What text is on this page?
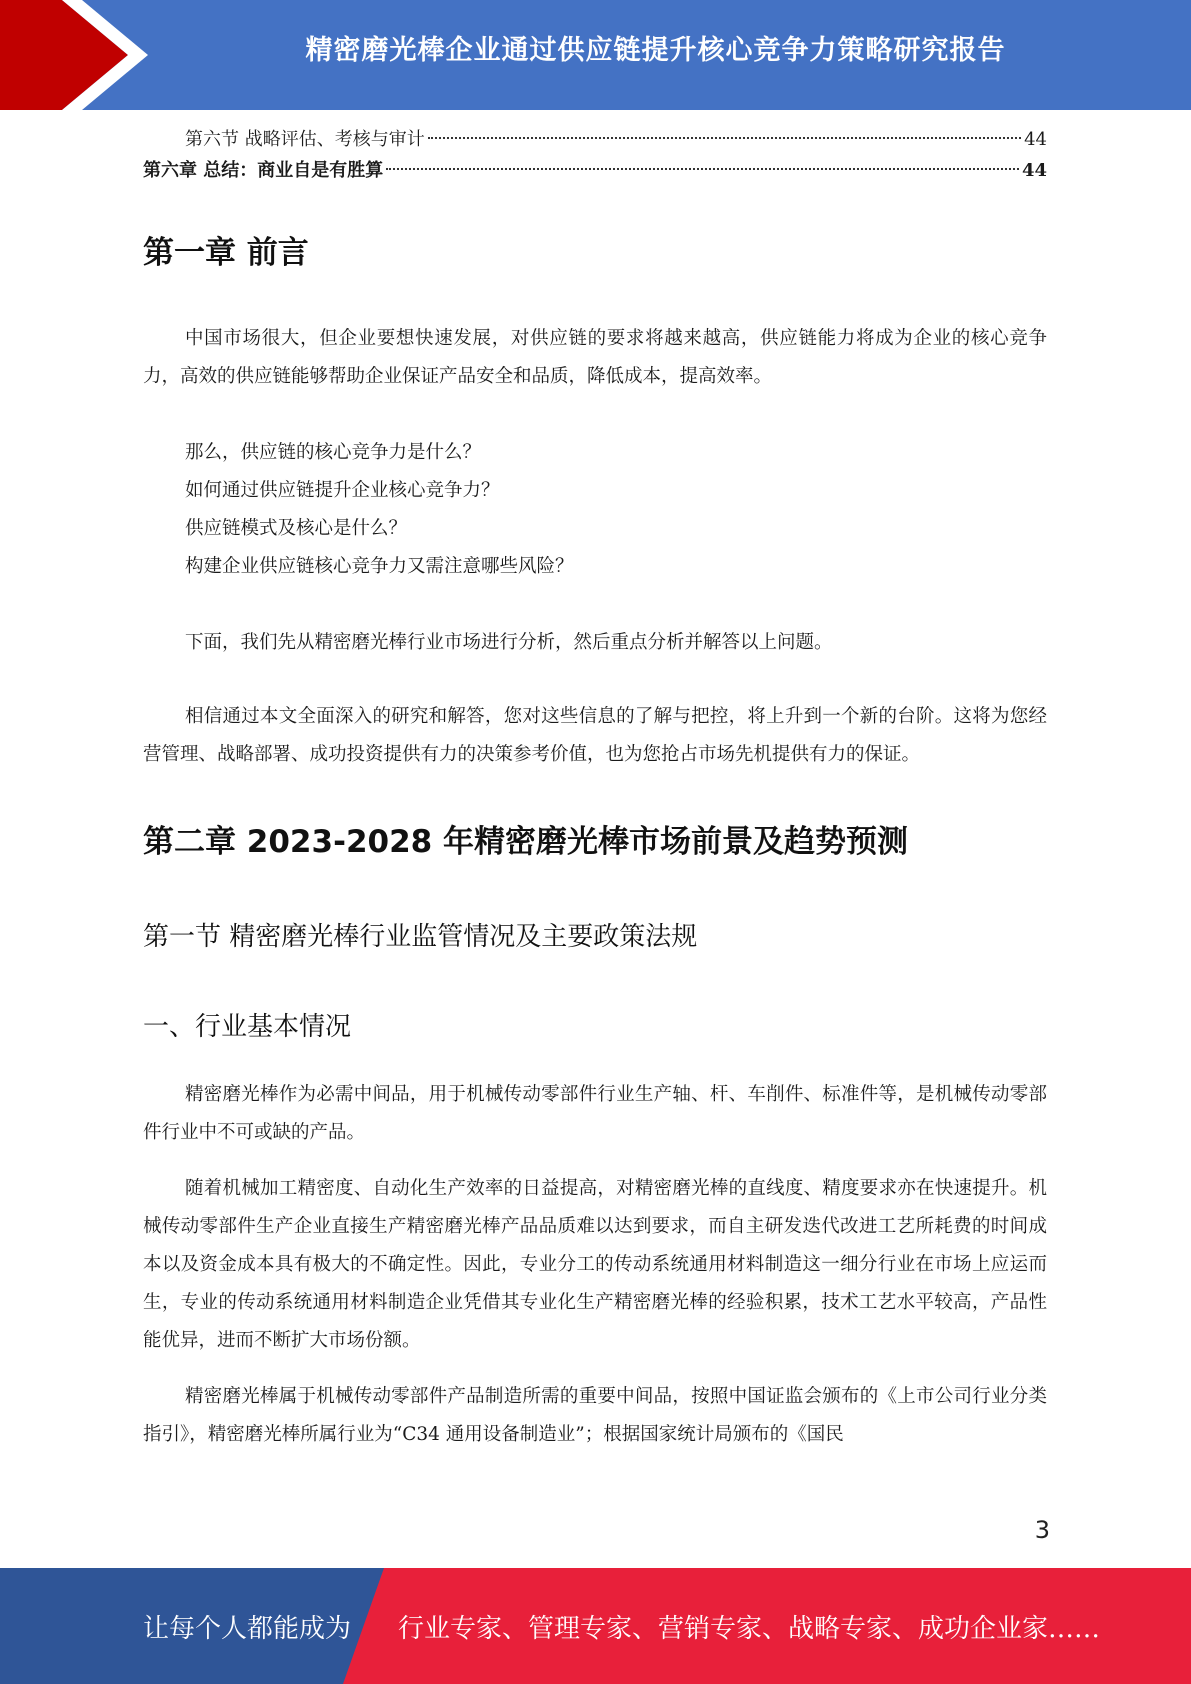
精密磨光棒企业通过供应链提升核心竞争力策略研究报告
第六节 战略评估、考核与审计	44
第六章 总结：商业自是有胜算	44
第一章 前言

中国市场很大，但企业要想快速发展，对供应链的要求将越来越高，供应链能力将成为企业的核心竞争力，高效的供应链能够帮助企业保证产品安全和品质，降低成本，提高效率。

那么，供应链的核心竞争力是什么？

如何通过供应链提升企业核心竞争力？

供应链模式及核心是什么？

构建企业供应链核心竞争力又需注意哪些风险？

下面，我们先从精密磨光棒行业市场进行分析，然后重点分析并解答以上问题。

相信通过本文全面深入的研究和解答，您对这些信息的了解与把控，将上升到一个新的台阶。这将为您经营管理、战略部署、成功投资提供有力的决策参考价值，也为您抢占市场先机提供有力的保证。

第二章 2023-2028 年精密磨光棒市场前景及趋势预测
第一节 精密磨光棒行业监管情况及主要政策法规
一、行业基本情况

精密磨光棒作为必需中间品，用于机械传动零部件行业生产轴、杆、车削件、标准件等，是机械传动零部件行业中不可或缺的产品。

随着机械加工精密度、自动化生产效率的日益提高，对精密磨光棒的直线度、精度要求亦在快速提升。机械传动零部件生产企业直接生产精密磨光棒产品品质难以达到要求，而自主研发迭代改进工艺所耗费的时间成本以及资金成本具有极大的不确定性。因此，专业分工的传动系统通用材料制造这一细分行业在市场上应运而生，专业的传动系统通用材料制造企业凭借其专业化生产精密磨光棒的经验积累，技术工艺水平较高，产品性能优异，进而不断扩大市场份额。

精密磨光棒属于机械传动零部件产品制造所需的重要中间品，按照中国证监会颁布的《上市公司行业分类指引》，精密磨光棒所属行业为“C34 通用设备制造业”；根据国家统计局颁布的《国民

3
让每个人都能成为 行业专家、管理专家、营销专家、战略专家、成功企业家……
